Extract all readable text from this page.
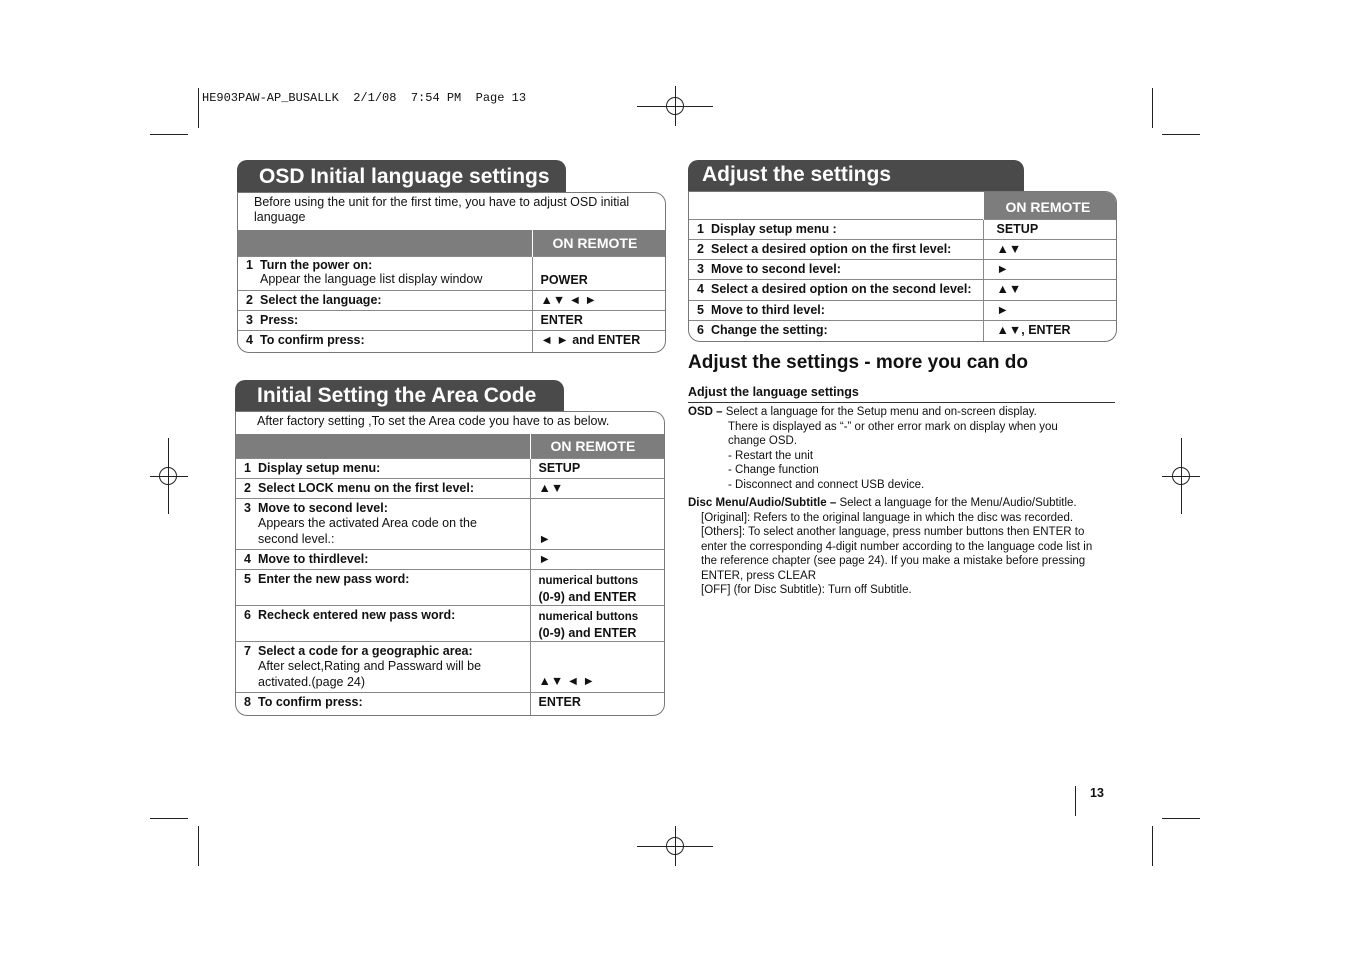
HE903PAW-AP_BUSALLK  2/1/08  7:54 PM  Page 13
13
OSD Initial language settings
Before using the unit for the first time, you have to adjust OSD initial language
	ON REMOTE
1 Turn the power on:
Appear the language list display window	POWER
2 Select the language:	▲▼ ◄ ►
3 Press:	ENTER
4 To confirm press:	◄ ► and ENTER
Initial Setting the Area Code
After factory setting ,To set the Area code you have to as below.
	ON REMOTE
1 Display setup menu:	SETUP
2 Select LOCK menu on the first level:	▲▼
3 Move to second level:
Appears the activated Area code on the second level.:	►
4 Move to thirdlevel:	►
5 Enter the new pass word:	numerical buttons
(0-9) and ENTER
6 Recheck entered new pass word:	numerical buttons
(0-9) and ENTER
7 Select a code for a geographic area:
After select,Rating and Passward will be activated.(page 24)	▲▼ ◄ ►
8 To confirm press:	ENTER
Adjust the settings
	ON REMOTE
1 Display setup menu :	SETUP
2 Select a desired option on the first level:	▲▼
3 Move to second level:	►
4 Select a desired option on the second level:	▲▼
5 Move to third level:	►
6 Change the setting:	▲▼, ENTER
Adjust the settings - more you can do
Adjust the language settings
OSD – Select a language for the Setup menu and on-screen display.
There is displayed as “-” or other error mark on display when you
change OSD.
- Restart the unit
- Change function
- Disconnect and connect USB device.
Disc Menu/Audio/Subtitle – Select a language for the Menu/Audio/Subtitle.
[Original]: Refers to the original language in which the disc was recorded.
[Others]: To select another language, press number buttons then ENTER to
enter the corresponding 4-digit number according to the language code list in
the reference chapter (see page 24). If you make a mistake before pressing
ENTER, press CLEAR
[OFF] (for Disc Subtitle): Turn off Subtitle.
